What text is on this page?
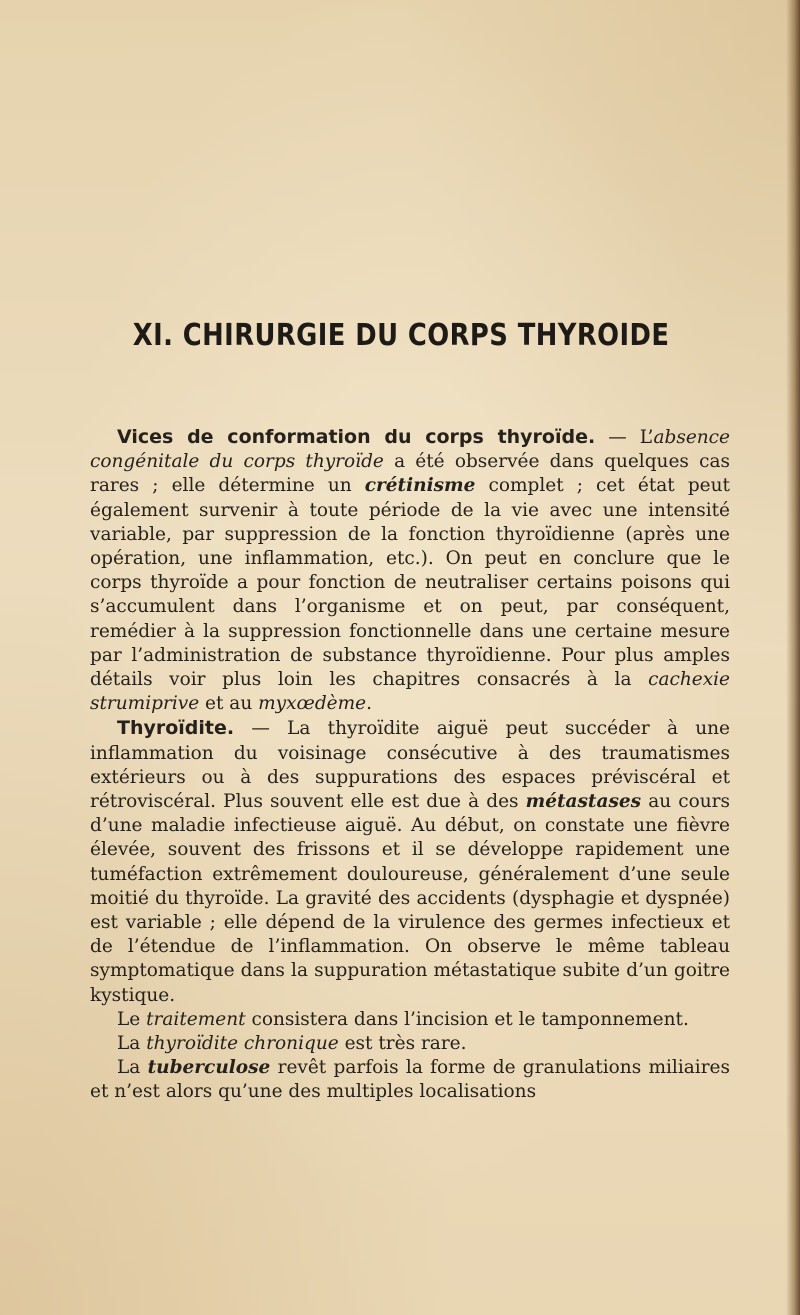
XI. CHIRURGIE DU CORPS THYROIDE

Vices de conformation du corps thyroïde. — L’absence congénitale du corps thyroïde a été observée dans quelques cas rares ; elle détermine un crétinisme complet ; cet état peut également survenir à toute période de la vie avec une intensité variable, par suppression de la fonction thyroïdienne (après une opération, une inflammation, etc.). On peut en conclure que le corps thyroïde a pour fonction de neutraliser certains poisons qui s’accumulent dans l’organisme et on peut, par conséquent, remédier à la suppression fonctionnelle dans une certaine mesure par l’administration de substance thyroïdienne. Pour plus amples détails voir plus loin les chapitres consacrés à la cachexie strumiprive et au myxœdème.

Thyroïdite. — La thyroïdite aiguë peut succéder à une inflammation du voisinage consécutive à des traumatismes extérieurs ou à des suppurations des espaces préviscéral et rétroviscéral. Plus souvent elle est due à des métastases au cours d’une maladie infectieuse aiguë. Au début, on constate une fièvre élevée, souvent des frissons et il se développe rapidement une tuméfaction extrêmement douloureuse, généralement d’une seule moitié du thyroïde. La gravité des accidents (dysphagie et dyspnée) est variable ; elle dépend de la virulence des germes infectieux et de l’étendue de l’inflammation. On observe le même tableau symptomatique dans la suppuration métastatique subite d’un goitre kystique.

Le traitement consistera dans l’incision et le tamponnement.

La thyroïdite chronique est très rare.

La tuberculose revêt parfois la forme de granulations miliaires et n’est alors qu’une des multiples localisations
